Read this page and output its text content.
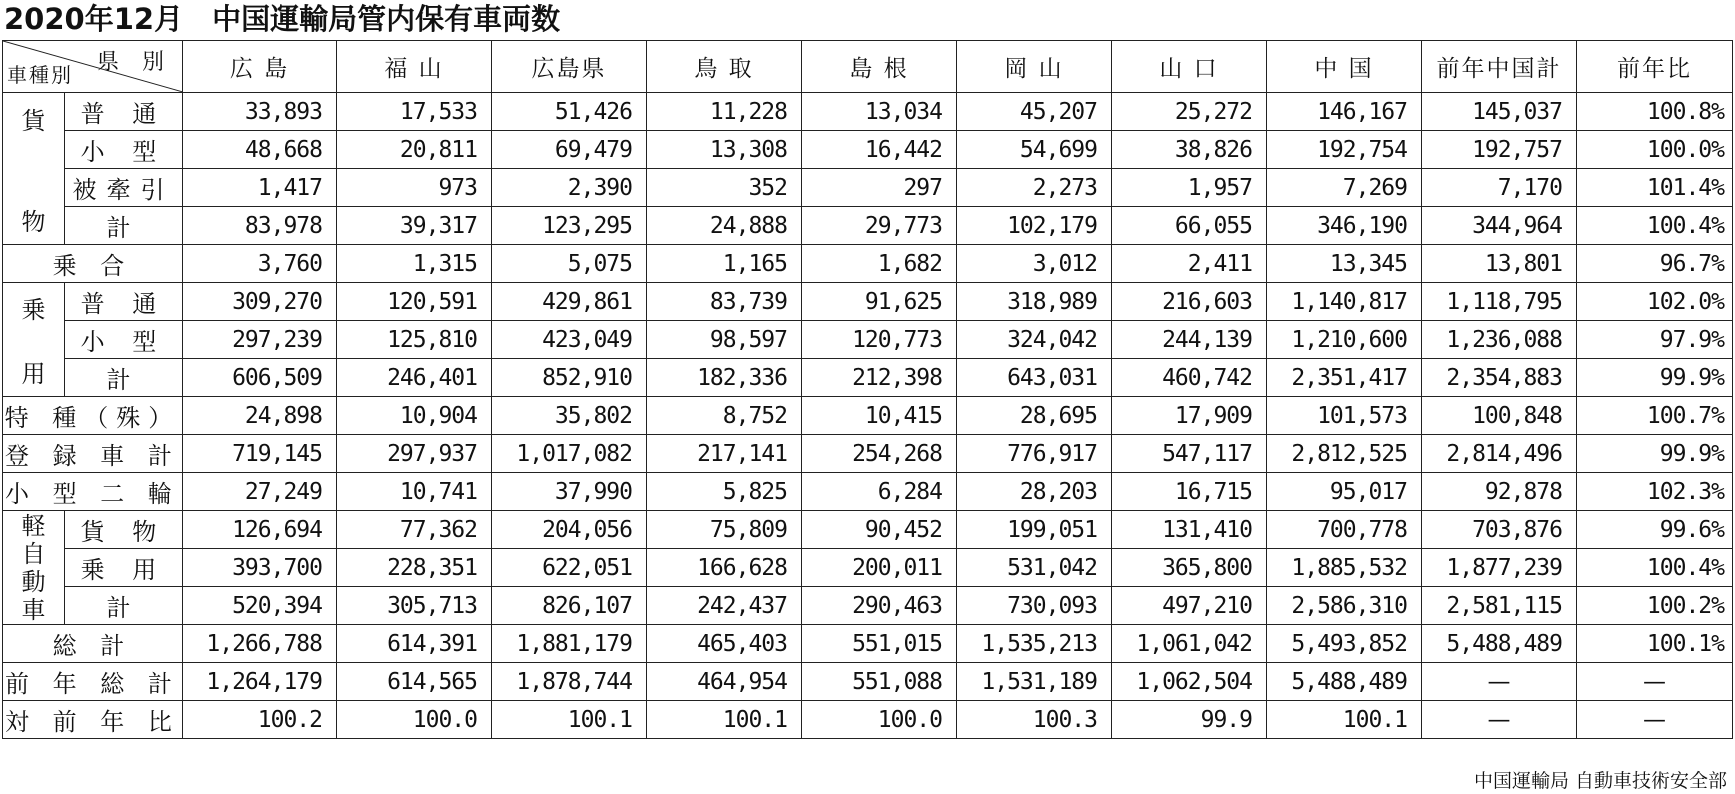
2020年12月　中国運輸局管内保有車両数
県 別
車種別		広 島	福 山	広島県	鳥 取	島 根	岡 山	山 口	中 国	前年中国計	前年比

貨
物	普 通	33,893	17,533	51,426	11,228	13,034	45,207	25,272	146,167	145,037	100.8%
	小 型	48,668	20,811	69,479	13,308	16,442	54,699	38,826	192,754	192,757	100.0%
	被牽引	1,417	973	2,390	352	297	2,273	1,957	7,269	7,170	101.4%
	計	83,978	39,317	123,295	24,888	29,773	102,179	66,055	346,190	344,964	100.4%
乗 合		3,760	1,315	5,075	1,165	1,682	3,012	2,411	13,345	13,801	96.7%

乗
用	普 通	309,270	120,591	429,861	83,739	91,625	318,989	216,603	1,140,817	1,118,795	102.0%
	小 型	297,239	125,810	423,049	98,597	120,773	324,042	244,139	1,210,600	1,236,088	97.9%
	計	606,509	246,401	852,910	182,336	212,398	643,031	460,742	2,351,417	2,354,883	99.9%
特 種（殊）		24,898	10,904	35,802	8,752	10,415	28,695	17,909	101,573	100,848	100.7%
登 録 車 計		719,145	297,937	1,017,082	217,141	254,268	776,917	547,117	2,812,525	2,814,496	99.9%
小 型 二 輪		27,249	10,741	37,990	5,825	6,284	28,203	16,715	95,017	92,878	102.3%

軽
自
動
車	貨 物	126,694	77,362	204,056	75,809	90,452	199,051	131,410	700,778	703,876	99.6%
	乗 用	393,700	228,351	622,051	166,628	200,011	531,042	365,800	1,885,532	1,877,239	100.4%
	計	520,394	305,713	826,107	242,437	290,463	730,093	497,210	2,586,310	2,581,115	100.2%
総 計		1,266,788	614,391	1,881,179	465,403	551,015	1,535,213	1,061,042	5,493,852	5,488,489	100.1%
前 年 総 計		1,264,179	614,565	1,878,744	464,954	551,088	1,531,189	1,062,504	5,488,489	—	—
対 前 年 比		100.2	100.0	100.1	100.1	100.0	100.3	99.9	100.1	—	—
中国運輸局 自動車技術安全部
